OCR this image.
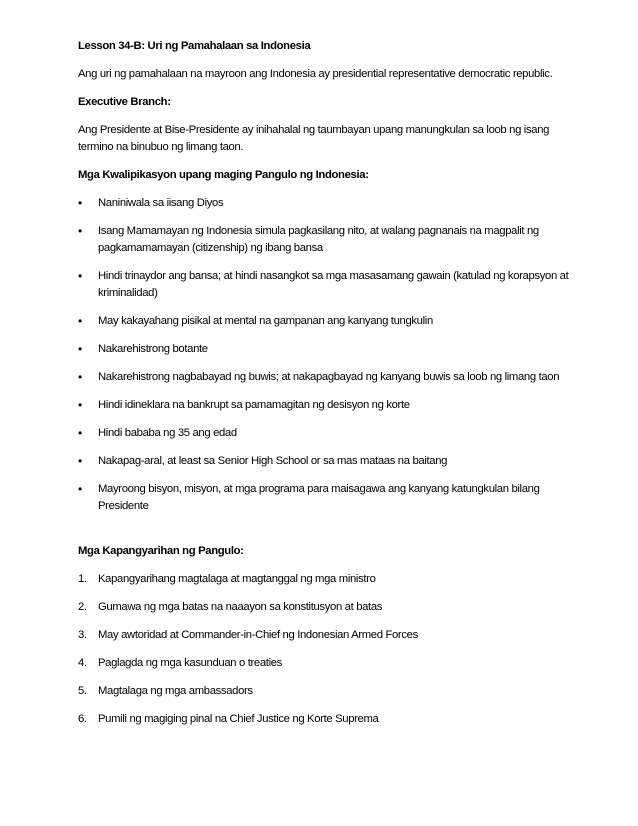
Lesson 34-B: Uri ng Pamahalaan sa Indonesia
Ang uri ng pamahalaan na mayroon ang Indonesia ay presidential representative democratic republic.
Executive Branch:
Ang Presidente at Bise-Presidente ay inihahalal ng taumbayan upang manungkulan sa loob ng isang termino na binubuo ng limang taon.
Mga Kwalipikasyon upang maging Pangulo ng Indonesia:
• Naniniwala sa iisang Diyos
• Isang Mamamayan ng Indonesia simula pagkasilang nito, at walang pagnanais na magpalit ng pagkamamamayan (citizenship) ng ibang bansa
• Hindi trinaydor ang bansa; at hindi nasangkot sa mga masasamang gawain (katulad ng korapsyon at kriminalidad)
• May kakayahang pisikal at mental na gampanan ang kanyang tungkulin
• Nakarehistrong botante
• Nakarehistrong nagbabayad ng buwis; at nakapagbayad ng kanyang buwis sa loob ng limang taon
• Hindi idineklara na bankrupt sa pamamagitan ng desisyon ng korte
• Hindi bababa ng 35 ang edad
• Nakapag-aral, at least sa Senior High School or sa mas mataas na baitang
• Mayroong bisyon, misyon, at mga programa para maisagawa ang kanyang katungkulan bilang Presidente
Mga Kapangyarihan ng Pangulo:
1. Kapangyarihang magtalaga at magtanggal ng mga ministro
2. Gumawa ng mga batas na naaayon sa konstitusyon at batas
3. May awtoridad at Commander-in-Chief ng Indonesian Armed Forces
4. Paglagda ng mga kasunduan o treaties
5. Magtalaga ng mga ambassadors
6. Pumili ng magiging pinal na Chief Justice ng Korte Suprema
